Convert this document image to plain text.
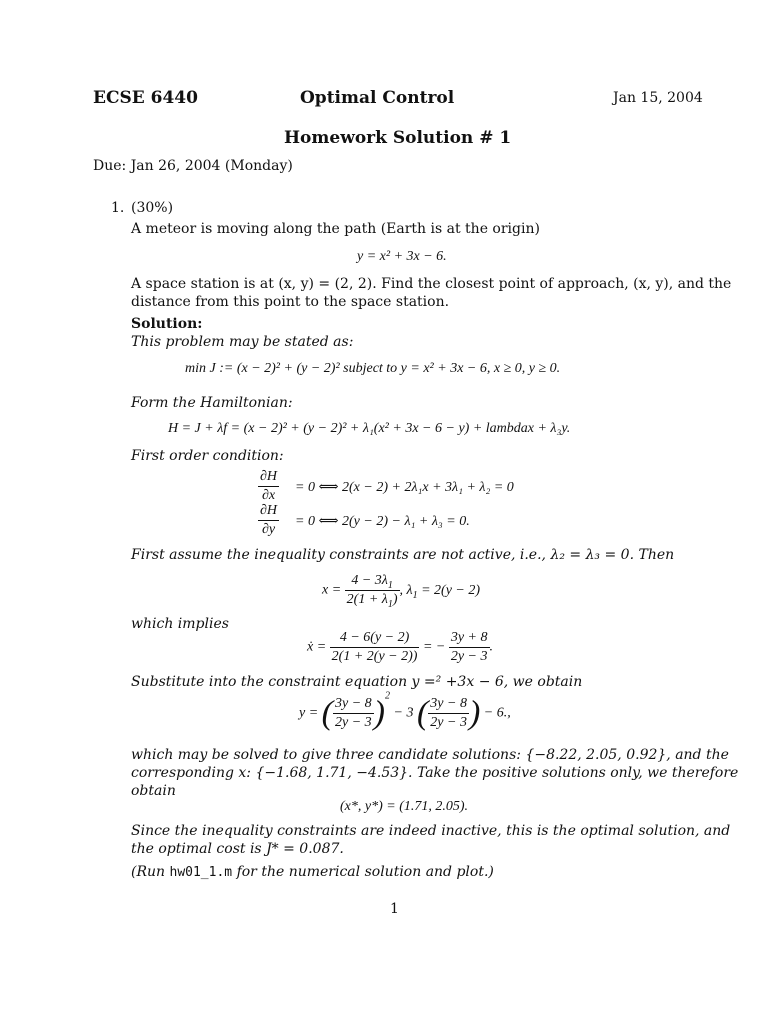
ECSE 6440	Optimal Control	Jan 15, 2004
Homework Solution # 1
Due: Jan 26, 2004 (Monday)
1. (30%)
A meteor is moving along the path (Earth is at the origin)
y = x² + 3x − 6.
A space station is at (x, y) = (2, 2). Find the closest point of approach, (x, y), and the
distance from this point to the space station.
Solution:
This problem may be stated as:
min J := (x − 2)² + (y − 2)² subject to y = x² + 3x − 6, x ≥ 0, y ≥ 0.
Form the Hamiltonian:
H = J + λf = (x − 2)² + (y − 2)² + λ₁(x² + 3x − 6 − y) + lambdax + λ₃y.
First order condition:
$\frac{\partial H}{\partial x} = 0$ ⟺ 2(x − 2) + 2λ₁x + 3λ₁ + λ₂ = 0
$\frac{\partial H}{\partial y} = 0$ ⟺ 2(y − 2) − λ₁ + λ₃ = 0.
First assume the inequality constraints are not active, i.e., λ₂ = λ₃ = 0. Then
$x = \frac{4 - 3\lambda_1}{2(1 + \lambda_1)}$ , $\lambda_1 = 2(y - 2)$
which implies
ẋ = $\frac{4 - 6(y - 2)}{2(1 + 2(y - 2))}$ = − $\frac{3y + 8}{2y - 3}$ .
Substitute into the constraint equation y =² +3x − 6, we obtain
y = ( $\frac{3y - 8}{2y - 3} )^2 - 3$ ( $\frac{3y - 8}{2y - 3}$ ) − 6.,
which may be solved to give three candidate solutions: {−8.22, 2.05, 0.92}, and the
corresponding x: {−1.68, 1.71, −4.53}. Take the positive solutions only, we therefore
obtain
(x*, y*) = (1.71, 2.05).
Since the inequality constraints are indeed inactive, this is the optimal solution, and
the optimal cost is J* = 0.087.
(Run hw01_1.m for the numerical solution and plot.)
1
